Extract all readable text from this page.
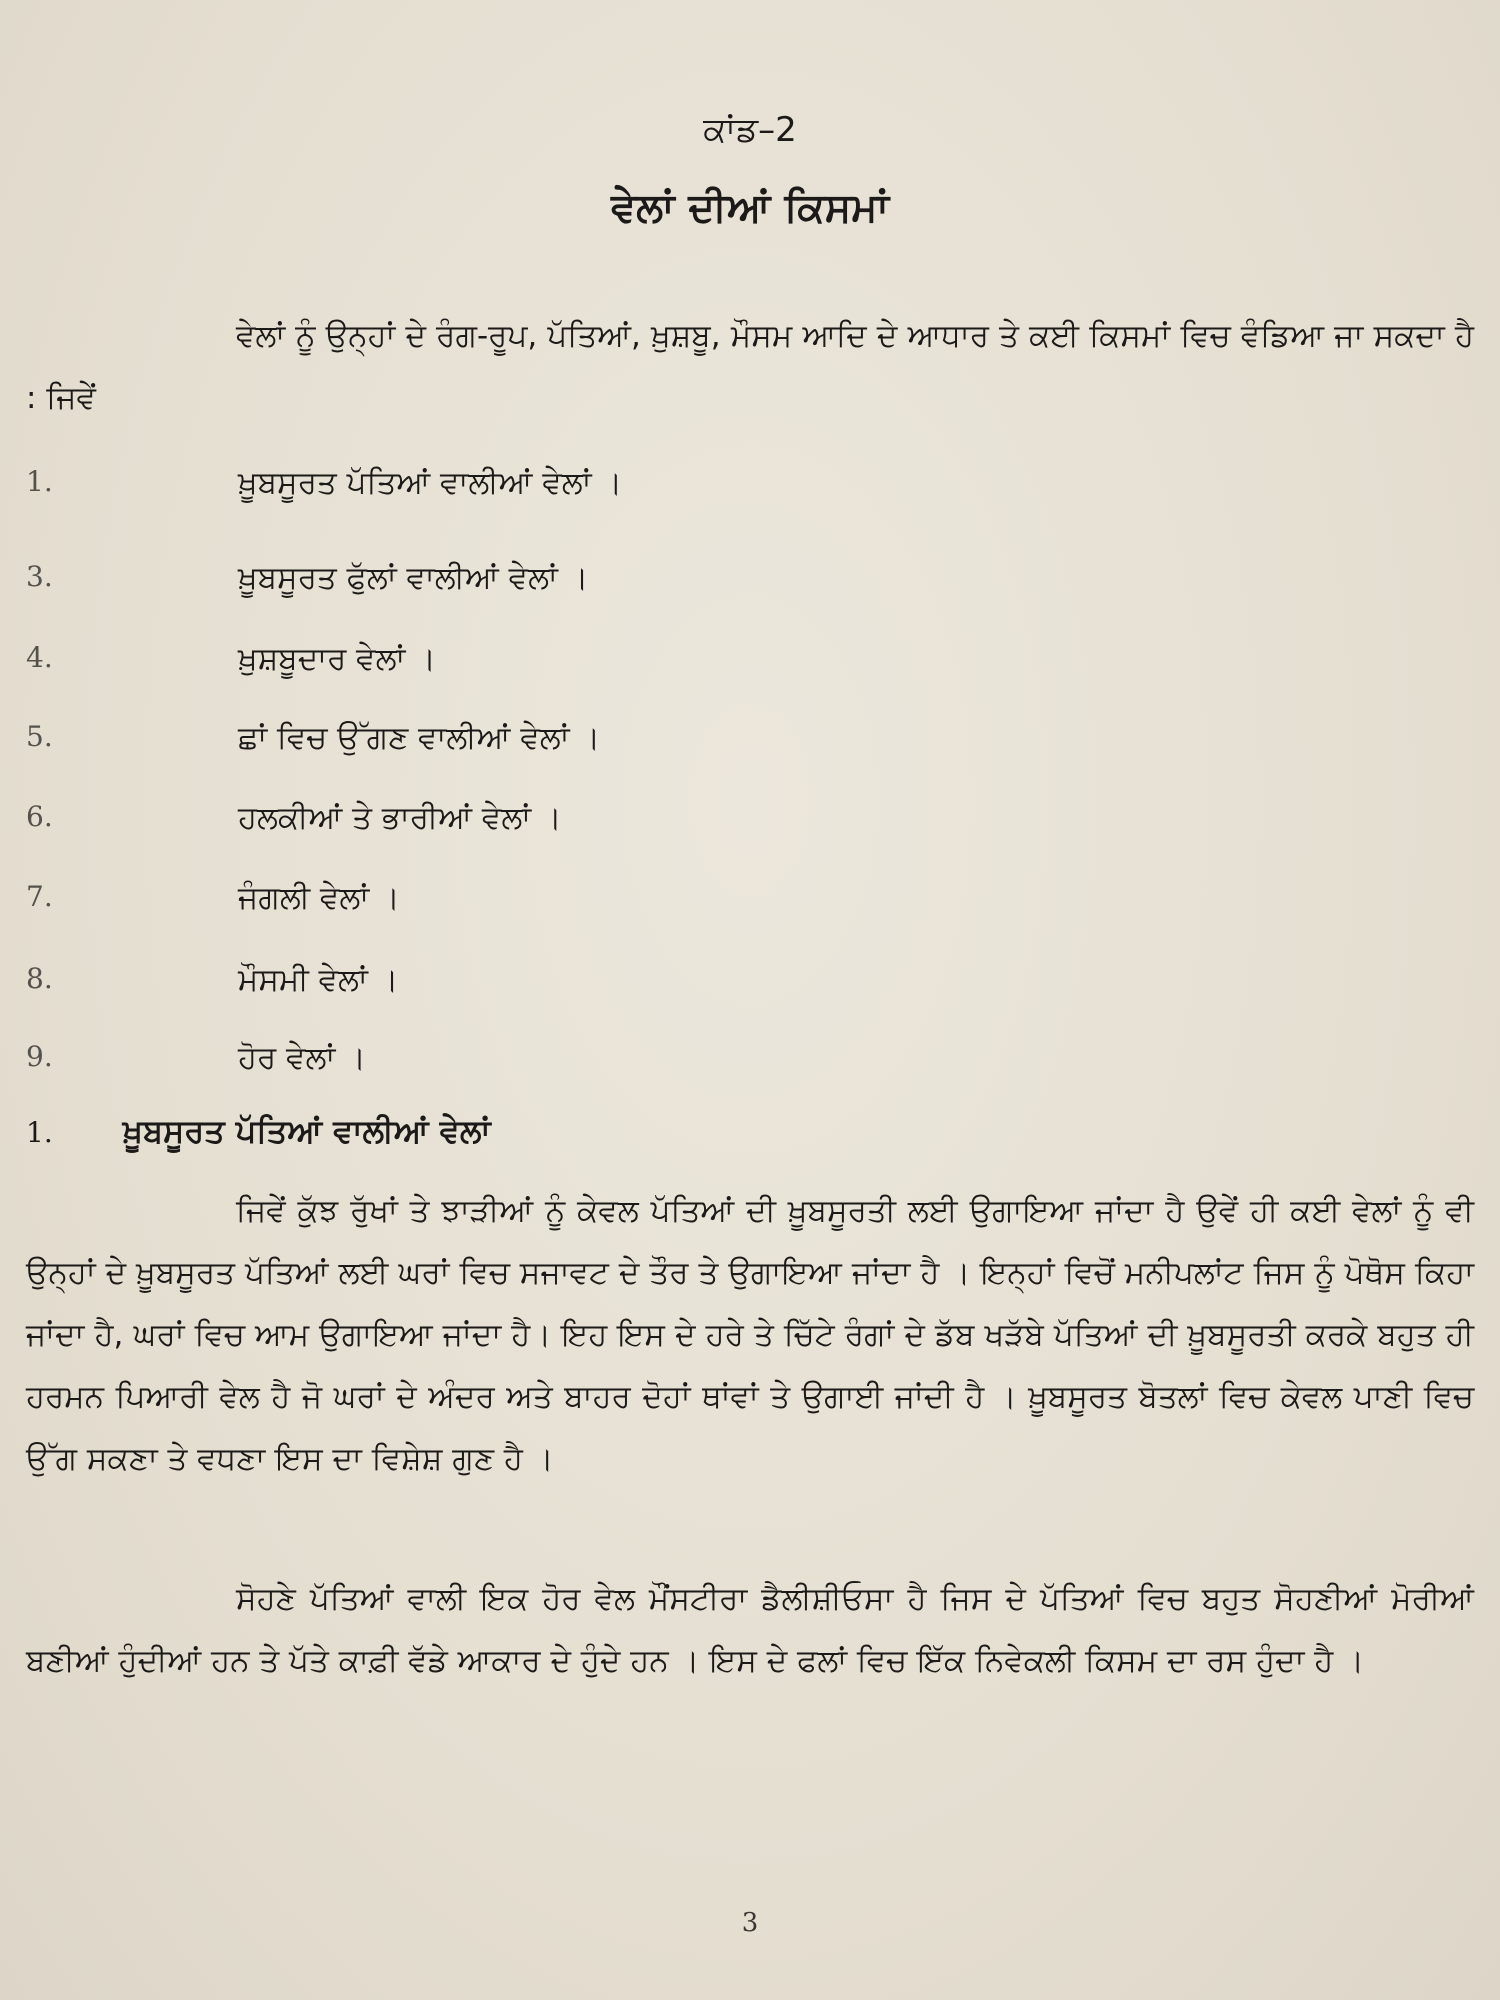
ਕਾਂਡ–2
ਵੇਲਾਂ ਦੀਆਂ ਕਿਸਮਾਂ

ਵੇਲਾਂ ਨੂੰ ਉਨ੍ਹਾਂ ਦੇ ਰੰਗ-ਰੂਪ, ਪੱਤਿਆਂ, ਖ਼ੁਸ਼ਬੂ, ਮੌਸਮ ਆਦਿ ਦੇ ਆਧਾਰ ਤੇ ਕਈ ਕਿਸਮਾਂ ਵਿਚ ਵੰਡਿਆ ਜਾ ਸਕਦਾ ਹੈ : ਜਿਵੇਂ

1.	ਖ਼ੂਬਸੂਰਤ ਪੱਤਿਆਂ ਵਾਲੀਆਂ ਵੇਲਾਂ ।
3.	ਖ਼ੂਬਸੂਰਤ ਫੁੱਲਾਂ ਵਾਲੀਆਂ ਵੇਲਾਂ ।
4.	ਖ਼ੁਸ਼ਬੂਦਾਰ ਵੇਲਾਂ ।
5.	ਛਾਂ ਵਿਚ ਉੱਗਣ ਵਾਲੀਆਂ ਵੇਲਾਂ ।
6.	ਹਲਕੀਆਂ ਤੇ ਭਾਰੀਆਂ ਵੇਲਾਂ ।
7.	ਜੰਗਲੀ ਵੇਲਾਂ ।
8.	ਮੌਸਮੀ ਵੇਲਾਂ ।
9.	ਹੋਰ ਵੇਲਾਂ ।
1. ਖ਼ੂਬਸੂਰਤ ਪੱਤਿਆਂ ਵਾਲੀਆਂ ਵੇਲਾਂ

ਜਿਵੇਂ ਕੁੱਝ ਰੁੱਖਾਂ ਤੇ ਝਾੜੀਆਂ ਨੂੰ ਕੇਵਲ ਪੱਤਿਆਂ ਦੀ ਖ਼ੂਬਸੂਰਤੀ ਲਈ ਉਗਾਇਆ ਜਾਂਦਾ ਹੈ ਉਵੇਂ ਹੀ ਕਈ ਵੇਲਾਂ ਨੂੰ ਵੀ ਉਨ੍ਹਾਂ ਦੇ ਖ਼ੂਬਸੂਰਤ ਪੱਤਿਆਂ ਲਈ ਘਰਾਂ ਵਿਚ ਸਜਾਵਟ ਦੇ ਤੌਰ ਤੇ ਉਗਾਇਆ ਜਾਂਦਾ ਹੈ । ਇਨ੍ਹਾਂ ਵਿਚੋਂ ਮਨੀਪਲਾਂਟ ਜਿਸ ਨੂੰ ਪੋਥੋਸ ਕਿਹਾ ਜਾਂਦਾ ਹੈ, ਘਰਾਂ ਵਿਚ ਆਮ ਉਗਾਇਆ ਜਾਂਦਾ ਹੈ। ਇਹ ਇਸ ਦੇ ਹਰੇ ਤੇ ਚਿੱਟੇ ਰੰਗਾਂ ਦੇ ਡੱਬ ਖੜੱਬੇ ਪੱਤਿਆਂ ਦੀ ਖ਼ੂਬਸੂਰਤੀ ਕਰਕੇ ਬਹੁਤ ਹੀ ਹਰਮਨ ਪਿਆਰੀ ਵੇਲ ਹੈ ਜੋ ਘਰਾਂ ਦੇ ਅੰਦਰ ਅਤੇ ਬਾਹਰ ਦੋਹਾਂ ਥਾਂਵਾਂ ਤੇ ਉਗਾਈ ਜਾਂਦੀ ਹੈ । ਖ਼ੂਬਸੂਰਤ ਬੋਤਲਾਂ ਵਿਚ ਕੇਵਲ ਪਾਣੀ ਵਿਚ ਉੱਗ ਸਕਣਾ ਤੇ ਵਧਣਾ ਇਸ ਦਾ ਵਿਸ਼ੇਸ਼ ਗੁਣ ਹੈ ।

ਸੋਹਣੇ ਪੱਤਿਆਂ ਵਾਲੀ ਇਕ ਹੋਰ ਵੇਲ ਮੌਂਸਟੀਰਾ ਡੈਲੀਸ਼ੀਓਸਾ ਹੈ ਜਿਸ ਦੇ ਪੱਤਿਆਂ ਵਿਚ ਬਹੁਤ ਸੋਹਣੀਆਂ ਮੋਰੀਆਂ ਬਣੀਆਂ ਹੁੰਦੀਆਂ ਹਨ ਤੇ ਪੱਤੇ ਕਾਫ਼ੀ ਵੱਡੇ ਆਕਾਰ ਦੇ ਹੁੰਦੇ ਹਨ । ਇਸ ਦੇ ਫਲਾਂ ਵਿਚ ਇੱਕ ਨਿਵੇਕਲੀ ਕਿਸਮ ਦਾ ਰਸ ਹੁੰਦਾ ਹੈ ।

3
